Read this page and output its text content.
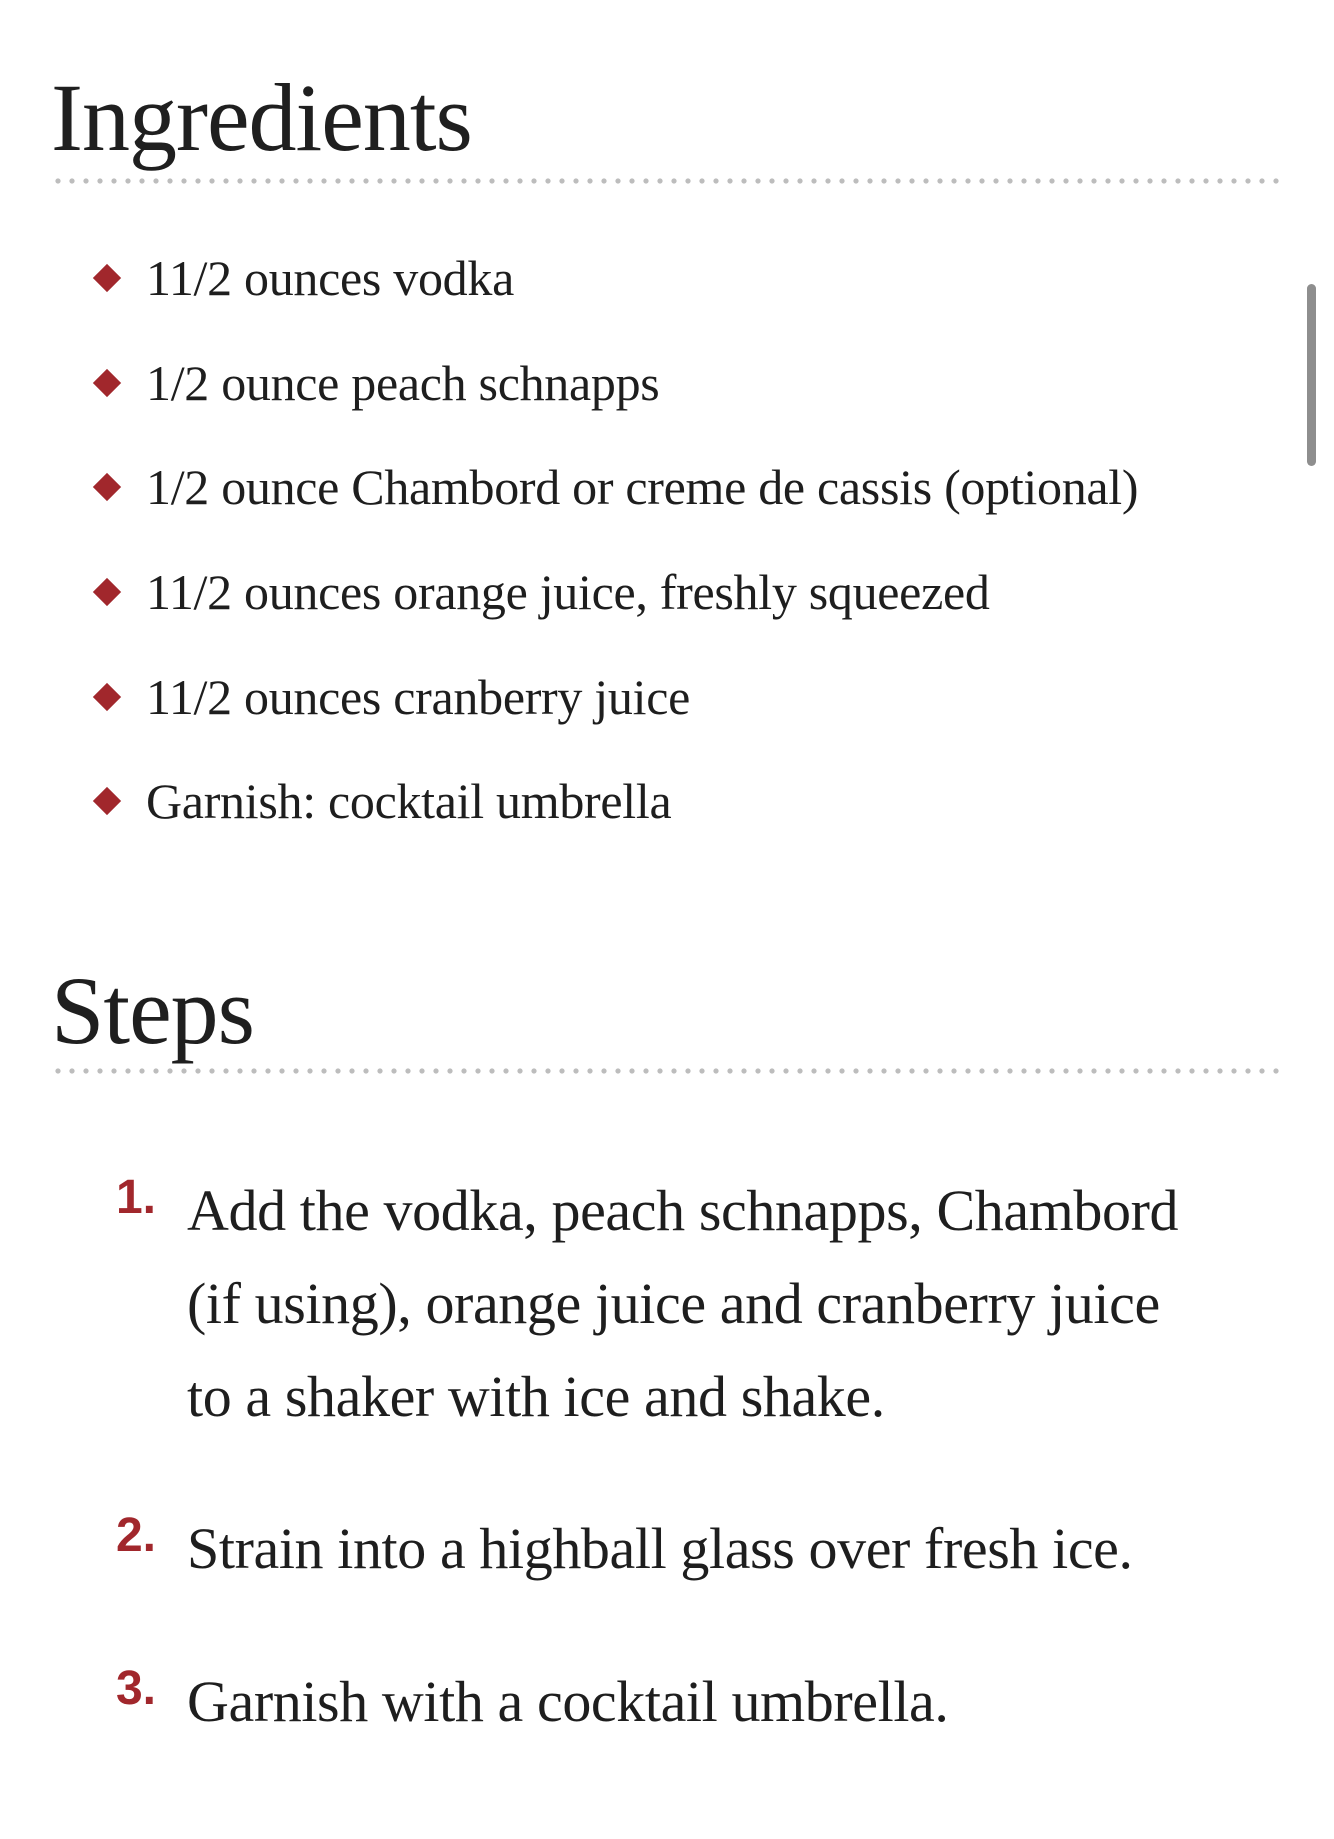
Ingredients
11/2 ounces vodka
1/2 ounce peach schnapps
1/2 ounce Chambord or creme de cassis (optional)
11/2 ounces orange juice, freshly squeezed
11/2 ounces cranberry juice
Garnish: cocktail umbrella
Steps
1. Add the vodka, peach schnapps, Chambord
(if using), orange juice and cranberry juice
to a shaker with ice and shake.
2. Strain into a highball glass over fresh ice.
3. Garnish with a cocktail umbrella.
